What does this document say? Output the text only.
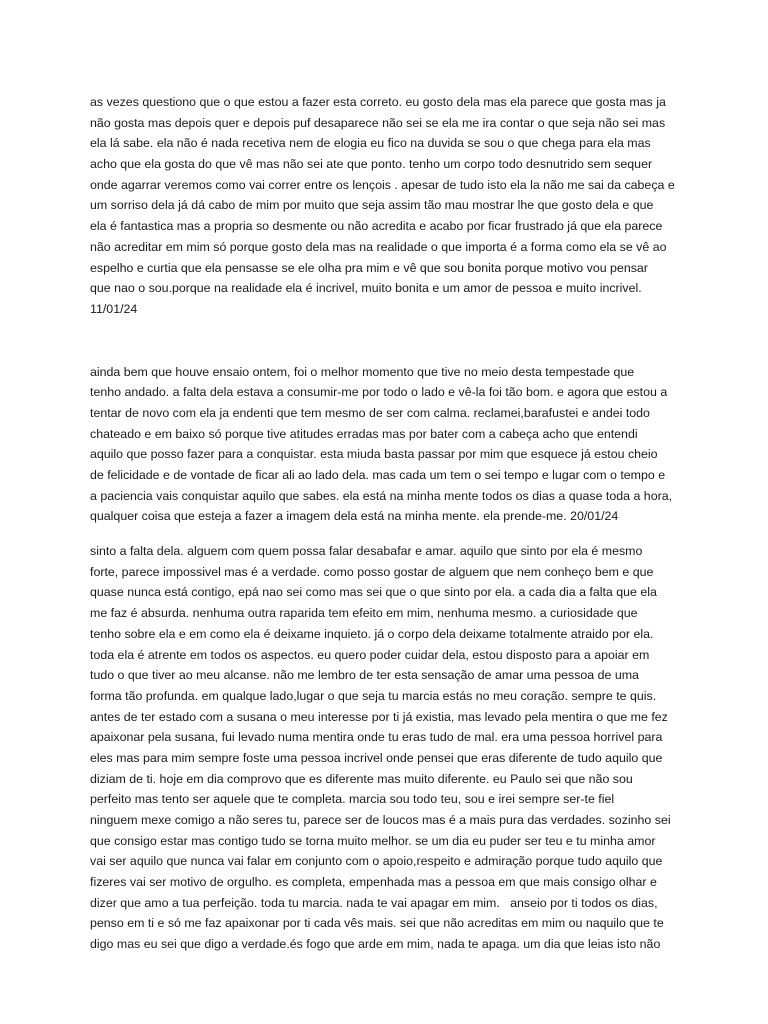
as vezes questiono que o que estou a fazer esta correto. eu gosto dela mas ela parece que gosta mas ja
não gosta mas depois quer e depois puf desaparece não sei se ela me ira contar o que seja não sei mas
ela lá sabe. ela não é nada recetiva nem de elogia eu fico na duvida se sou o que chega para ela mas
acho que ela gosta do que vê mas não sei ate que ponto. tenho um corpo todo desnutrido sem sequer
onde agarrar veremos como vai correr entre os lençois . apesar de tudo isto ela la não me sai da cabeça e
um sorriso dela já dá cabo de mim por muito que seja assim tão mau mostrar lhe que gosto dela e que
ela é fantastica mas a propria so desmente ou não acredita e acabo por ficar frustrado já que ela parece
não acreditar em mim só porque gosto dela mas na realidade o que importa é a forma como ela se vê ao
espelho e curtia que ela pensasse se ele olha pra mim e vê que sou bonita porque motivo vou pensar
que nao o sou.porque na realidade ela é incrivel, muito bonita e um amor de pessoa e muito incrivel.
11/01/24
ainda bem que houve ensaio ontem, foi o melhor momento que tive no meio desta tempestade que
tenho andado. a falta dela estava a consumir-me por todo o lado e vê-la foi tão bom. e agora que estou a
tentar de novo com ela ja endenti que tem mesmo de ser com calma. reclamei,barafustei e andei todo
chateado e em baixo só porque tive atitudes erradas mas por bater com a cabeça acho que entendi
aquilo que posso fazer para a conquistar. esta miuda basta passar por mim que esquece já estou cheio
de felicidade e de vontade de ficar ali ao lado dela. mas cada um tem o sei tempo e lugar com o tempo e
a paciencia vais conquistar aquilo que sabes. ela está na minha mente todos os dias a quase toda a hora,
qualquer coisa que esteja a fazer a imagem dela está na minha mente. ela prende-me. 20/01/24
sinto a falta dela. alguem com quem possa falar desabafar e amar. aquilo que sinto por ela é mesmo
forte, parece impossivel mas é a verdade. como posso gostar de alguem que nem conheço bem e que
quase nunca está contigo, epá nao sei como mas sei que o que sinto por ela. a cada dia a falta que ela
me faz é absurda. nenhuma outra raparida tem efeito em mim, nenhuma mesmo. a curiosidade que
tenho sobre ela e em como ela é deixame inquieto. já o corpo dela deixame totalmente atraido por ela.
toda ela é atrente em todos os aspectos. eu quero poder cuidar dela, estou disposto para a apoiar em
tudo o que tiver ao meu alcanse. não me lembro de ter esta sensação de amar uma pessoa de uma
forma tão profunda. em qualque lado,lugar o que seja tu marcia estás no meu coração. sempre te quis.
antes de ter estado com a susana o meu interesse por ti já existia, mas levado pela mentira o que me fez
apaixonar pela susana, fui levado numa mentira onde tu eras tudo de mal. era uma pessoa horrivel para
eles mas para mim sempre foste uma pessoa incrivel onde pensei que eras diferente de tudo aquilo que
diziam de ti. hoje em dia comprovo que es diferente mas muito diferente. eu Paulo sei que não sou
perfeito mas tento ser aquele que te completa. marcia sou todo teu, sou e irei sempre ser-te fiel
ninguem mexe comigo a não seres tu, parece ser de loucos mas é a mais pura das verdades. sozinho sei
que consigo estar mas contigo tudo se torna muito melhor. se um dia eu puder ser teu e tu minha amor
vai ser aquilo que nunca vai falar em conjunto com o apoio,respeito e admiração porque tudo aquilo que
fizeres vai ser motivo de orgulho. es completa, empenhada mas a pessoa em que mais consigo olhar e
dizer que amo a tua perfeição. toda tu marcia. nada te vai apagar em mim.   anseio por ti todos os dias,
penso em ti e só me faz apaixonar por ti cada vês mais. sei que não acreditas em mim ou naquilo que te
digo mas eu sei que digo a verdade.és fogo que arde em mim, nada te apaga. um dia que leias isto não
